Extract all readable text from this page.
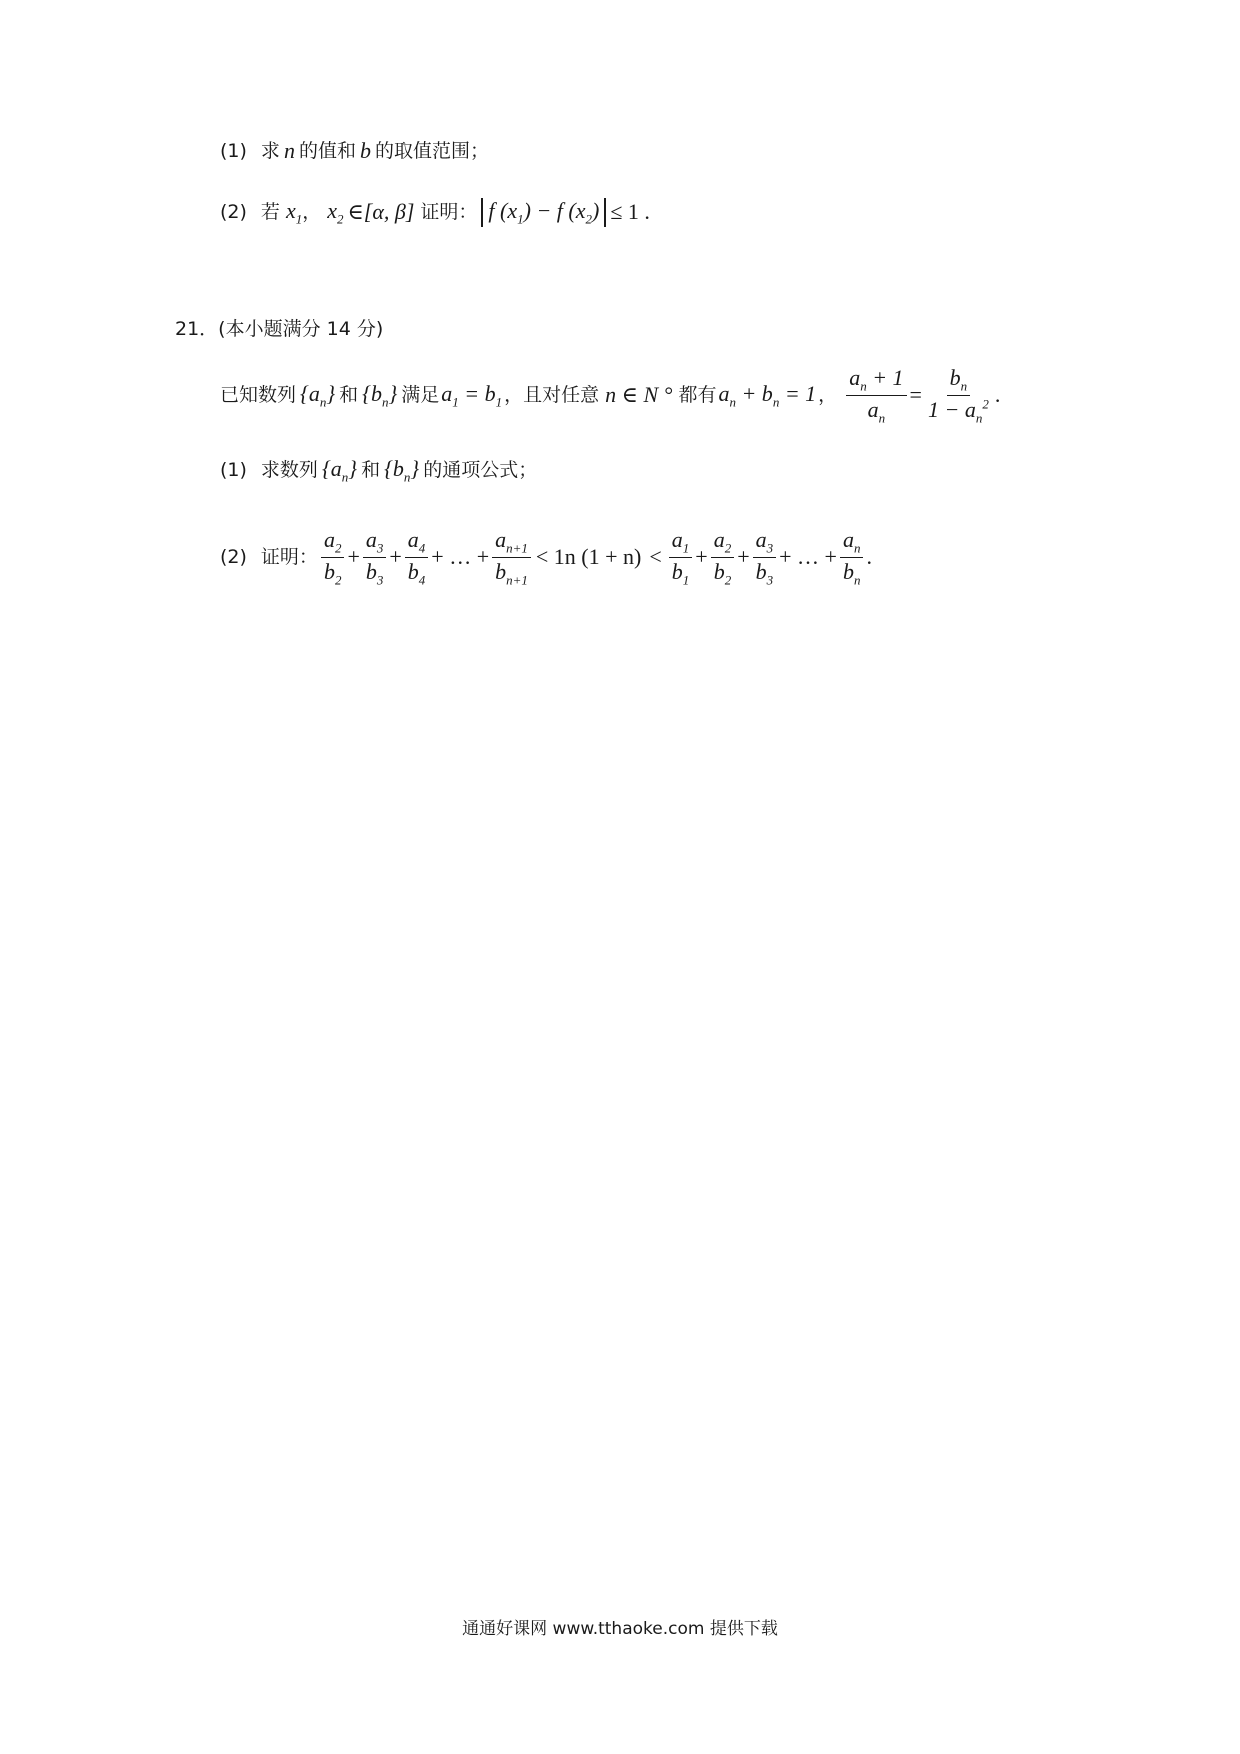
(1) 求 n 的值和 b 的取值范围；
(2) 若 $x_1$ ， $x_2$ ∈[α, β] 证明： f $(x_1) - f$ $(x_2) \le 1$ .
21．(本小题满分 14 分)
已知数列 $\{a_n\}$ 和 $\{b_n\}$ 满足 $a_1 = b_1$ ，且对任意 n ∈ N ° 都有 $a_n + b_n = 1$ ， $\frac{a_n + 1}{a_n} = \frac{b_n}{1 - a_n^2}$ .
(1) 求数列 $\{a_n\}$ 和 $\{b_n\}$ 的通项公式；
(2) 证明： $\frac{a_2}{b_2} + \frac{a_3}{b_3} + \frac{a_4}{b_4}$ + … + $\frac{a_{n+1}}{b_{n+1}} < 1n$ $(1 + n) < \frac{a_1}{b_1} + \frac{a_2}{b_2} + \frac{a_3}{b_3}$ + … + $\frac{a_n}{b_n}$ .
通通好课网 www.tthaoke.com 提供下载
